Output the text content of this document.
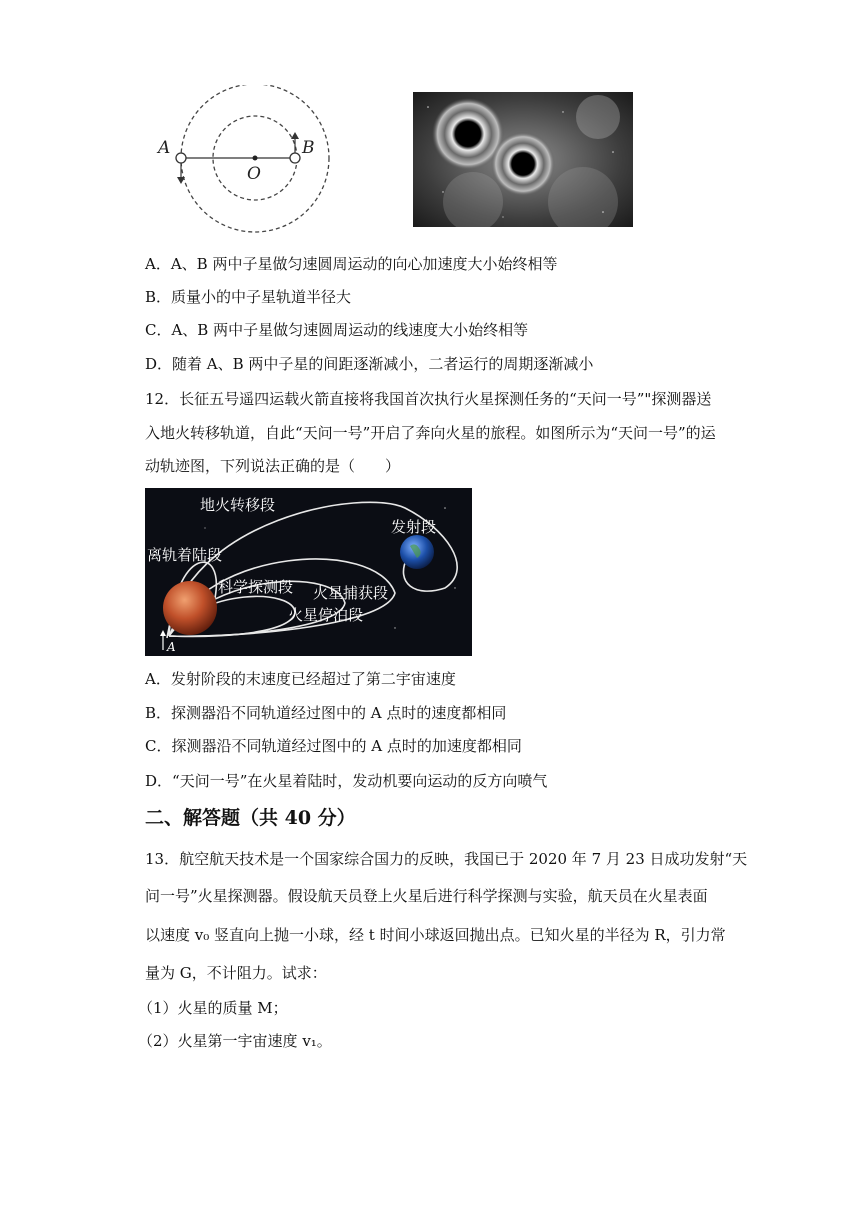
A	B
O
A．A、B 两中子星做匀速圆周运动的向心加速度大小始终相等
B．质量小的中子星轨道半径大
C．A、B 两中子星做匀速圆周运动的线速度大小始终相等
D．随着 A、B 两中子星的间距逐渐减小，二者运行的周期逐渐减小
12．长征五号遥四运载火箭直接将我国首次执行火星探测任务的“天问一号”"探测器送
入地火转移轨道，自此“天问一号”开启了奔向火星的旅程。如图所示为“天问一号”的运
动轨迹图，下列说法正确的是（　　）
地火转移段
发射段
离轨着陆段
科学探测段 火星捕获段
火星停泊段
A
A．发射阶段的末速度已经超过了第二宇宙速度
B．探测器沿不同轨道经过图中的 A 点时的速度都相同
C．探测器沿不同轨道经过图中的 A 点时的加速度都相同
D．“天问一号”在火星着陆时，发动机要向运动的反方向喷气
二、解答题（共 40 分）
13．航空航天技术是一个国家综合国力的反映，我国已于 2020 年 7 月 23 日成功发射“天
问一号”火星探测器。假设航天员登上火星后进行科学探测与实验，航天员在火星表面
以速度 v₀ 竖直向上抛一小球，经 t 时间小球返回抛出点。已知火星的半径为 R，引力常
量为 G，不计阻力。试求：
（1）火星的质量 M；
（2）火星第一宇宙速度 v₁。
